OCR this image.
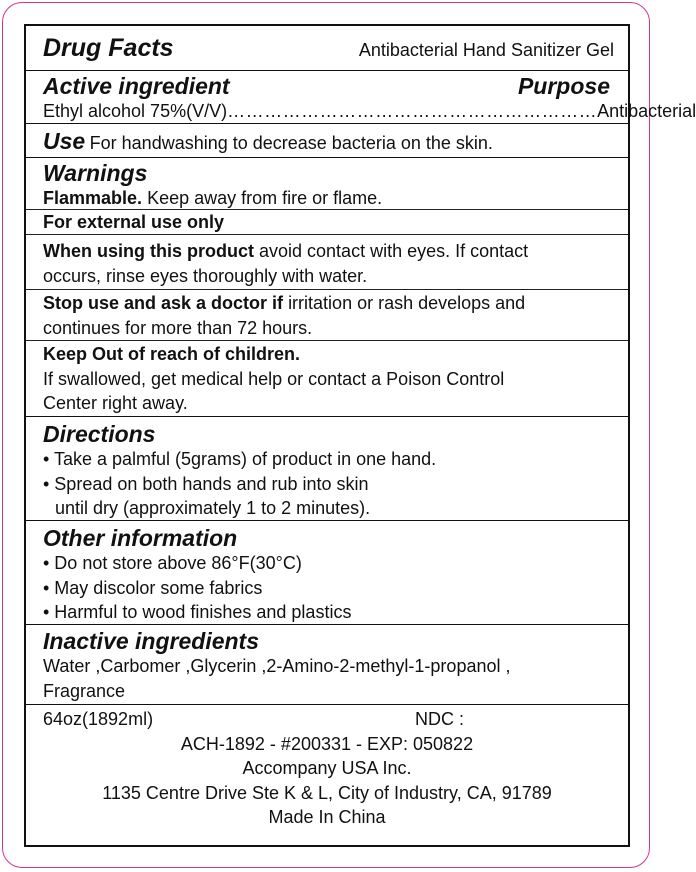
Drug Facts	Antibacterial Hand Sanitizer Gel
Active ingredient	Purpose
Ethyl alcohol 75%(V/V) …………………………………………………… Antibacterial
Use For handwashing to decrease bacteria on the skin.
Warnings
Flammable. Keep away from fire or flame.
For external use only
When using this product avoid contact with eyes. If contact
occurs, rinse eyes thoroughly with water.
Stop use and ask a doctor if irritation or rash develops and
continues for more than 72 hours.
Keep Out of reach of children.
If swallowed, get medical help or contact a Poison Control
Center right away.
Directions
• Take a palmful (5grams) of product in one hand.
• Spread on both hands and rub into skin
until dry (approximately 1 to 2 minutes).
Other information
• Do not store above 86°F(30°C)
• May discolor some fabrics
• Harmful to wood finishes and plastics
Inactive ingredients
Water ,Carbomer ,Glycerin ,2-Amino-2-methyl-1-propanol ,
Fragrance
64oz(1892ml)	NDC :
ACH-1892 - #200331 - EXP: 050822
Accompany USA Inc.
1135 Centre Drive Ste K & L, City of Industry, CA, 91789
Made In China
